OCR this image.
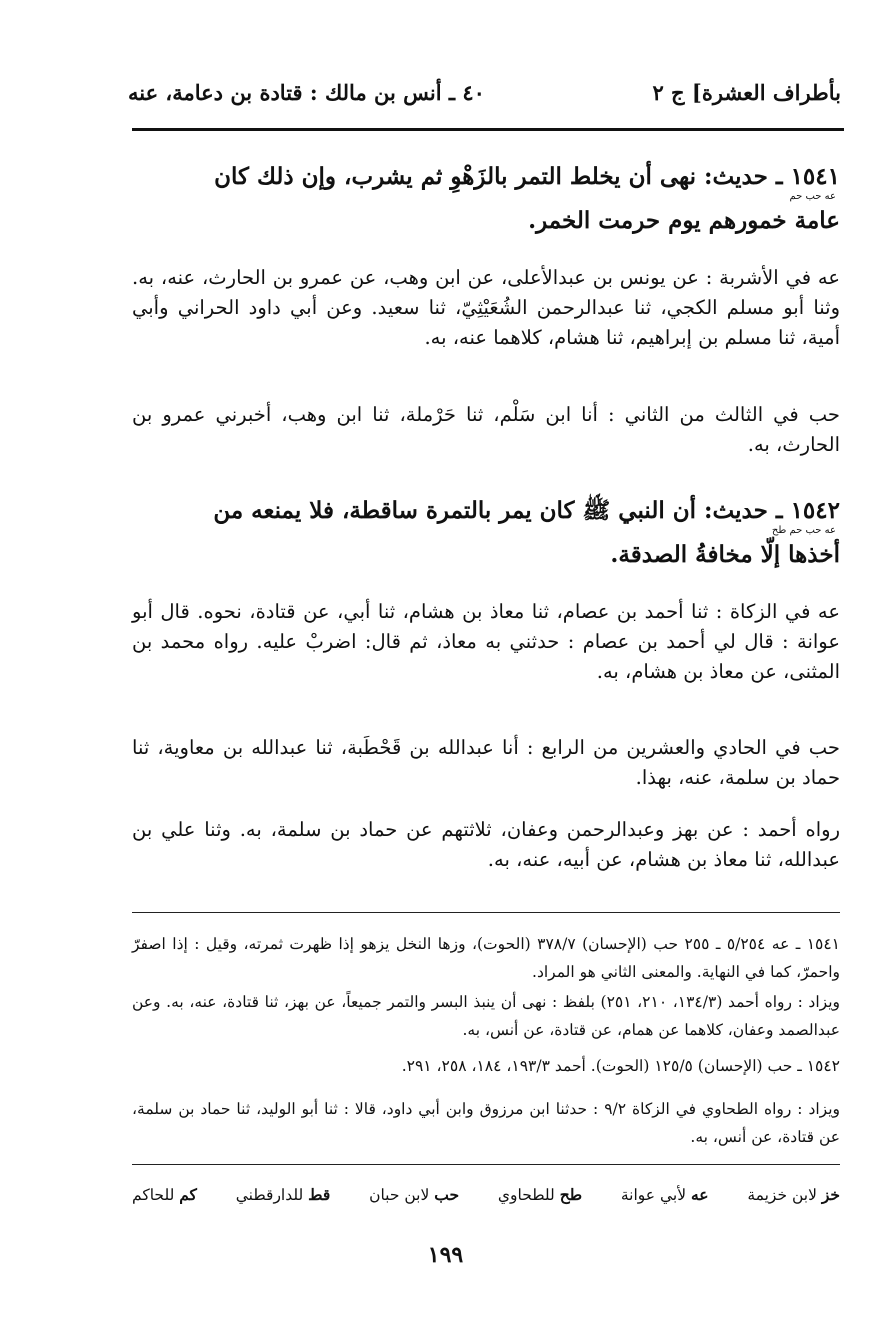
بأطراف العشرة] ج ٢
٤٠ ـ أنس بن مالك : قتادة بن دعامة، عنه
١٥٤١ ـ حديث: نهى أن يخلط التمر بالزَهْوِ ثم يشرب، وإن ذلك كان
عه حب حم
عامة خمورهم يوم حرمت الخمر.
عه في الأشربة : عن يونس بن عبدالأعلى، عن ابن وهب، عن عمرو بن الحارث، عنه، به. وثنا أبو مسلم الكجي، ثنا عبدالرحمن الشُعَيْثِيّ، ثنا سعيد. وعن أبي داود الحراني وأبي أمية، ثنا مسلم بن إبراهيم، ثنا هشام، كلاهما عنه، به.
حب في الثالث من الثاني : أنا ابن سَلْم، ثنا حَرْملة، ثنا ابن وهب، أخبرني عمرو بن الحارث، به.
١٥٤٢ ـ حديث: أن النبي ﷺ كان يمر بالتمرة ساقطة، فلا يمنعه من
عه حب حم طح
أخذها إلّا مخافةُ الصدقة.
عه في الزكاة : ثنا أحمد بن عصام، ثنا معاذ بن هشام، ثنا أبي، عن قتادة، نحوه. قال أبو عوانة : قال لي أحمد بن عصام : حدثني به معاذ، ثم قال: اضربْ عليه. رواه محمد بن المثنى، عن معاذ بن هشام، به.
حب في الحادي والعشرين من الرابع : أنا عبدالله بن قَحْطَبة، ثنا عبدالله بن معاوية، ثنا حماد بن سلمة، عنه، بهذا.
رواه أحمد : عن بهز وعبدالرحمن وعفان، ثلاثتهم عن حماد بن سلمة، به. وثنا علي بن عبدالله، ثنا معاذ بن هشام، عن أبيه، عنه، به.
١٥٤١ ـ عه ٥/٢٥٤ ـ ٢٥٥ حب (الإحسان) ٣٧٨/٧ (الحوت)، وزها النخل يزهو إذا ظهرت ثمرته، وقيل : إذا اصفرّ واحمرّ، كما في النهاية. والمعنى الثاني هو المراد.
ويزاد : رواه أحمد (١٣٤/٣، ٢١٠، ٢٥١) بلفظ : نهى أن ينبذ البسر والتمر جميعاً، عن بهز، ثنا قتادة، عنه، به. وعن عبدالصمد وعفان، كلاهما عن همام، عن قتادة، عن أنس، به.
١٥٤٢ ـ حب (الإحسان) ١٢٥/٥ (الحوت). أحمد ١٩٣/٣، ١٨٤، ٢٥٨، ٢٩١.
ويزاد : رواه الطحاوي في الزكاة ٩/٢ : حدثنا ابن مرزوق وابن أبي داود، قالا : ثنا أبو الوليد، ثنا حماد بن سلمة، عن قتادة، عن أنس، به.
خز لابن خزيمة
عه لأبي عوانة
طح للطحاوي
حب لابن حبان
قط للدارقطني
كم للحاكم
١٩٩
